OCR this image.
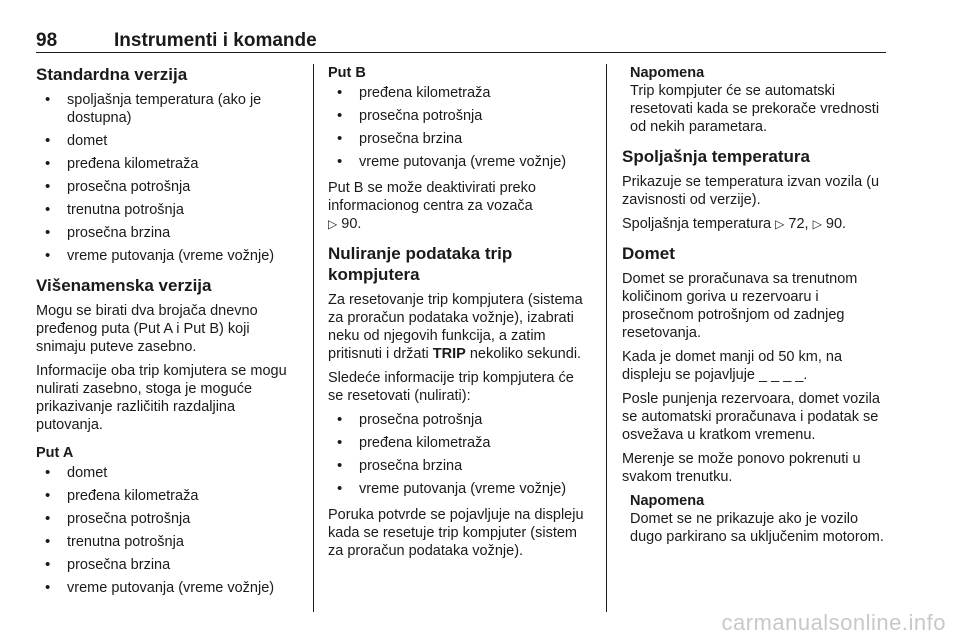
98	Instrumenti i komande
Standardna verzija
• spoljašnja temperatura (ako je dostupna)
• domet
• pređena kilometraža
• prosečna potrošnja
• trenutna potrošnja
• prosečna brzina
• vreme putovanja (vreme vožnje)
Višenamenska verzija

Mogu se birati dva brojača dnevno pređenog puta (Put A i Put B) koji snimaju puteve zasebno.

Informacije oba trip komjutera se mogu nulirati zasebno, stoga je moguće prikazivanje različitih razdaljina putovanja.

Put A
• domet
• pređena kilometraža
• prosečna potrošnja
• trenutna potrošnja
• prosečna brzina
• vreme putovanja (vreme vožnje)
Put B
• pređena kilometraža
• prosečna potrošnja
• prosečna brzina
• vreme putovanja (vreme vožnje)

Put B se može deaktivirati preko informacionog centra za vozača
▷ 90.

Nuliranje podataka trip kompjutera

Za resetovanje trip kompjutera (sistema za proračun podataka vožnje), izabrati neku od njegovih funkcija, a zatim pritisnuti i držati TRIP nekoliko sekundi.

Sledeće informacije trip kompjutera će se resetovati (nulirati):

• prosečna potrošnja
• pređena kilometraža
• prosečna brzina
• vreme putovanja (vreme vožnje)

Poruka potvrde se pojavljuje na displeju kada se resetuje trip kompjuter (sistem za proračun podataka vožnje).

Napomena

Trip kompjuter će se automatski resetovati kada se prekorače vrednosti od nekih parametara.

Spoljašnja temperatura

Prikazuje se temperatura izvan vozila (u zavisnosti od verzije).

Spoljašnja temperatura ▷ 72, ▷ 90.

Domet

Domet se proračunava sa trenutnom količinom goriva u rezervoaru i prosečnom potrošnjom od zadnjeg resetovanja.

Kada je domet manji od 50 km, na displeju se pojavljuje _ _ _ _.

Posle punjenja rezervoara, domet vozila se automatski proračunava i podatak se osvežava u kratkom vremenu.

Merenje se može ponovo pokrenuti u svakom trenutku.

Napomena

Domet se ne prikazuje ako je vozilo dugo parkirano sa uključenim motorom.

carmanualsonline.info
